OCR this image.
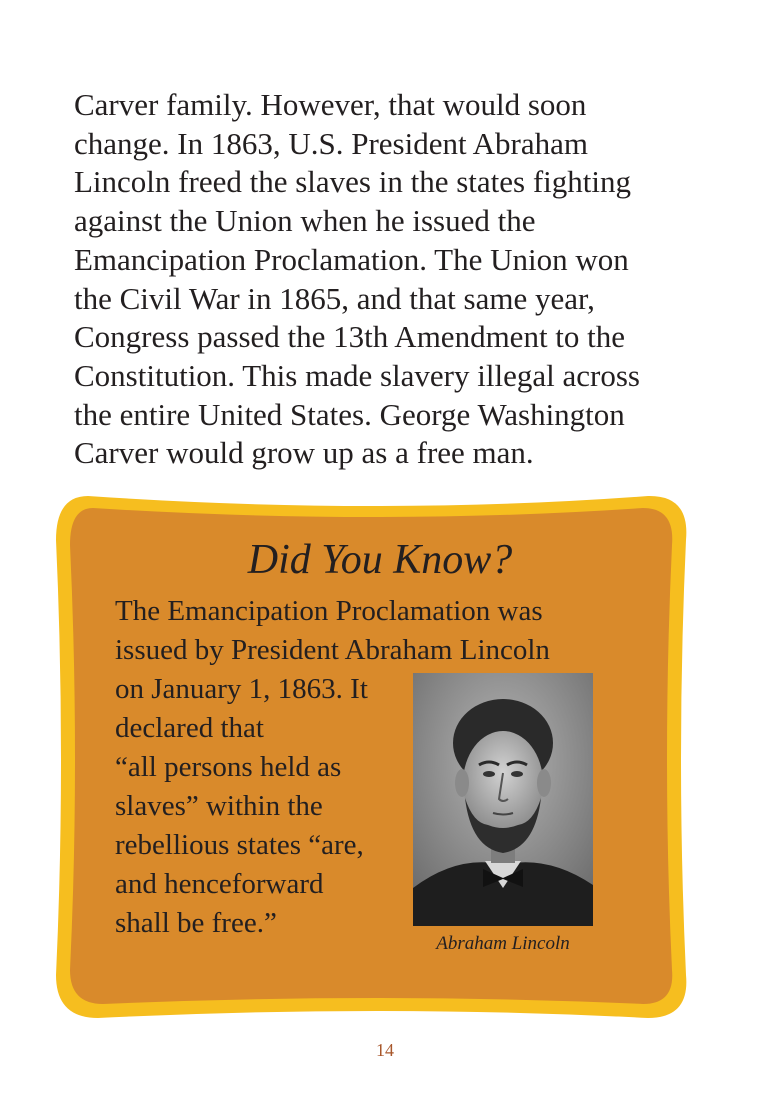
Carver family. However, that would soon
change. In 1863, U.S. President Abraham
Lincoln freed the slaves in the states fighting
against the Union when he issued the
Emancipation Proclamation. The Union won
the Civil War in 1865, and that same year,
Congress passed the 13th Amendment to the
Constitution. This made slavery illegal across
the entire United States. George Washington
Carver would grow up as a free man.

Did You Know?

The Emancipation Proclamation was
issued by President Abraham Lincoln
on January 1, 1863. It
declared that
“all persons held as
slaves” within the
rebellious states “are,
and henceforward
shall be free.”

Abraham Lincoln

14
